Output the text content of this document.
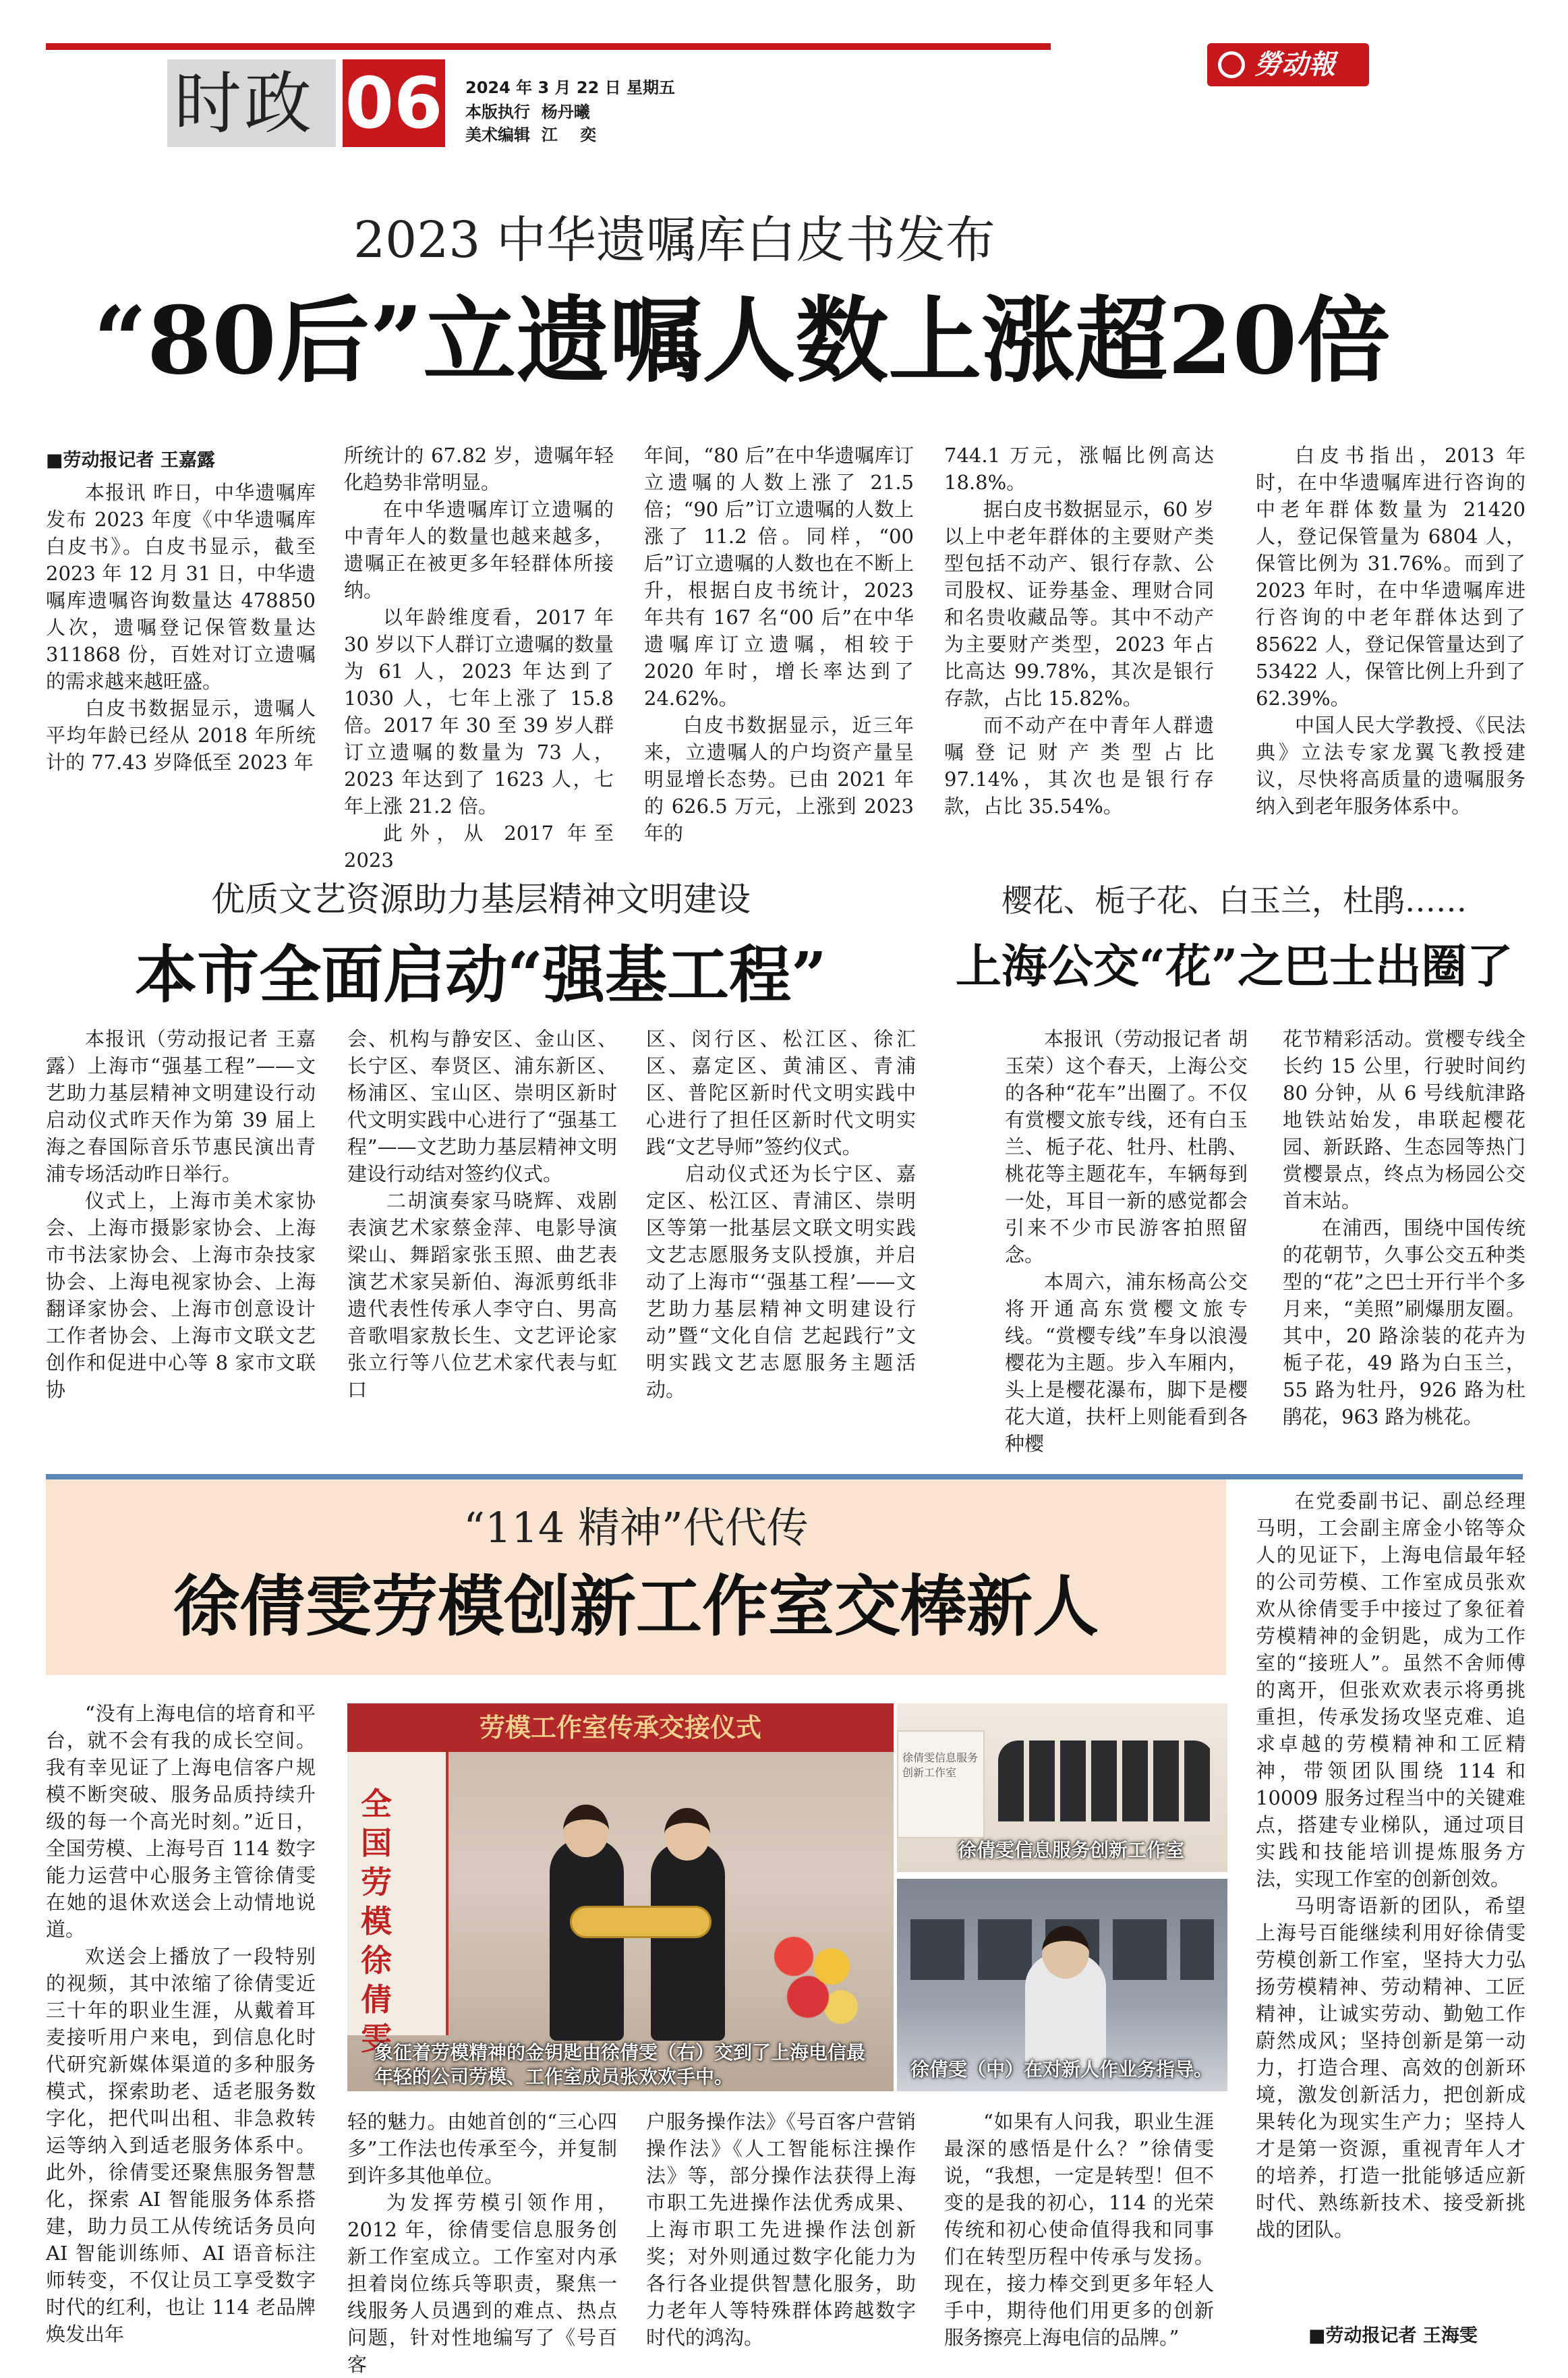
时政 06 2024 年 3 月 22 日 星期五
本版执行  杨丹曦
美术编辑  江    奕
勞动報
2023 中华遗嘱库白皮书发布
“80后”立遗嘱人数上涨超20倍
■劳动报记者 王嘉露

本报讯 昨日，中华遗嘱库发布 2023 年度《中华遗嘱库白皮书》。白皮书显示，截至 2023 年 12 月 31 日，中华遗嘱库遗嘱咨询数量达 478850 人次，遗嘱登记保管数量达 311868 份，百姓对订立遗嘱的需求越来越旺盛。

白皮书数据显示，遗嘱人平均年龄已经从 2018 年所统计的 77.43 岁降低至 2023 年

所统计的 67.82 岁，遗嘱年轻化趋势非常明显。

在中华遗嘱库订立遗嘱的中青年人的数量也越来越多，遗嘱正在被更多年轻群体所接纳。

以年龄维度看，2017 年 30 岁以下人群订立遗嘱的数量为 61 人，2023 年达到了 1030 人，七年上涨了 15.8 倍。2017 年 30 至 39 岁人群订立遗嘱的数量为 73 人，2023 年达到了 1623 人，七年上涨 21.2 倍。

此外，从 2017 年至 2023

年间，“80 后”在中华遗嘱库订立遗嘱的人数上涨了 21.5 倍；“90 后”订立遗嘱的人数上涨了 11.2 倍。同样，“00 后”订立遗嘱的人数也在不断上升，根据白皮书统计，2023 年共有 167 名“00 后”在中华遗嘱库订立遗嘱，相较于 2020 年时，增长率达到了 24.62%。

白皮书数据显示，近三年来，立遗嘱人的户均资产量呈明显增长态势。已由 2021 年的 626.5 万元，上涨到 2023 年的

744.1 万元，涨幅比例高达 18.8%。

据白皮书数据显示，60 岁以上中老年群体的主要财产类型包括不动产、银行存款、公司股权、证券基金、理财合同和名贵收藏品等。其中不动产为主要财产类型，2023 年占比高达 99.78%，其次是银行存款，占比 15.82%。

而不动产在中青年人群遗嘱登记财产类型占比 97.14%，其次也是银行存款，占比 35.54%。

白皮书指出，2013 年时，在中华遗嘱库进行咨询的中老年群体数量为 21420 人，登记保管量为 6804 人，保管比例为 31.76%。而到了 2023 年时，在中华遗嘱库进行咨询的中老年群体达到了 85622 人，登记保管量达到了 53422 人，保管比例上升到了 62.39%。

中国人民大学教授、《民法典》立法专家龙翼飞教授建议，尽快将高质量的遗嘱服务纳入到老年服务体系中。

优质文艺资源助力基层精神文明建设
本市全面启动“强基工程”

本报讯（劳动报记者 王嘉露）上海市“强基工程”——文艺助力基层精神文明建设行动启动仪式昨天作为第 39 届上海之春国际音乐节惠民演出青浦专场活动昨日举行。

仪式上，上海市美术家协会、上海市摄影家协会、上海市书法家协会、上海市杂技家协会、上海电视家协会、上海翻译家协会、上海市创意设计工作者协会、上海市文联文艺创作和促进中心等 8 家市文联协

会、机构与静安区、金山区、长宁区、奉贤区、浦东新区、杨浦区、宝山区、崇明区新时代文明实践中心进行了“强基工程”——文艺助力基层精神文明建设行动结对签约仪式。

二胡演奏家马晓辉、戏剧表演艺术家蔡金萍、电影导演梁山、舞蹈家张玉照、曲艺表演艺术家吴新伯、海派剪纸非遗代表性传承人李守白、男高音歌唱家敖长生、文艺评论家张立行等八位艺术家代表与虹口

区、闵行区、松江区、徐汇区、嘉定区、黄浦区、青浦区、普陀区新时代文明实践中心进行了担任区新时代文明实践“文艺导师”签约仪式。

启动仪式还为长宁区、嘉定区、松江区、青浦区、崇明区等第一批基层文联文明实践文艺志愿服务支队授旗，并启动了上海市“‘强基工程’——文艺助力基层精神文明建设行动”暨“文化自信 艺起践行”文明实践文艺志愿服务主题活动。

樱花、栀子花、白玉兰，杜鹃……
上海公交“花”之巴士出圈了

本报讯（劳动报记者 胡玉荣）这个春天，上海公交的各种“花车”出圈了。不仅有赏樱文旅专线，还有白玉兰、栀子花、牡丹、杜鹃、桃花等主题花车，车辆每到一处，耳目一新的感觉都会引来不少市民游客拍照留念。

本周六，浦东杨高公交将开通高东赏樱文旅专线。“赏樱专线”车身以浪漫樱花为主题。步入车厢内，头上是樱花瀑布，脚下是樱花大道，扶杆上则能看到各种樱

花节精彩活动。赏樱专线全长约 15 公里，行驶时间约 80 分钟，从 6 号线航津路地铁站始发，串联起樱花园、新跃路、生态园等热门赏樱景点，终点为杨园公交首末站。

在浦西，围绕中国传统的花朝节，久事公交五种类型的“花”之巴士开行半个多月来，“美照”刷爆朋友圈。其中，20 路涂装的花卉为栀子花，49 路为白玉兰，55 路为牡丹，926 路为杜鹃花，963 路为桃花。

“114 精神”代代传
徐倩雯劳模创新工作室交棒新人

“没有上海电信的培育和平台，就不会有我的成长空间。我有幸见证了上海电信客户规模不断突破、服务品质持续升级的每一个高光时刻。”近日，全国劳模、上海号百 114 数字能力运营中心服务主管徐倩雯在她的退休欢送会上动情地说道。

欢送会上播放了一段特别的视频，其中浓缩了徐倩雯近三十年的职业生涯，从戴着耳麦接听用户来电，到信息化时代研究新媒体渠道的多种服务模式，探索助老、适老服务数字化，把代叫出租、非急救转运等纳入到适老服务体系中。此外，徐倩雯还聚焦服务智慧化，探索 AI 智能服务体系搭建，助力员工从传统话务员向 AI 智能训练师、AI 语音标注师转变，不仅让员工享受数字时代的红利，也让 114 老品牌焕发出年

劳模工作室传承交接仪式
全国劳模徐倩雯
象征着劳模精神的金钥匙由徐倩雯（右）交到了上海电信最年轻的公司劳模、工作室成员张欢欢手中。
徐倩雯信息服务创新工作室
徐倩雯信息服务创新工作室
徐倩雯（中）在对新人作业务指导。

轻的魅力。由她首创的“三心四多”工作法也传承至今，并复制到许多其他单位。

为发挥劳模引领作用，2012 年，徐倩雯信息服务创新工作室成立。工作室对内承担着岗位练兵等职责，聚焦一线服务人员遇到的难点、热点问题，针对性地编写了《号百客

户服务操作法》《号百客户营销操作法》《人工智能标注操作法》等，部分操作法获得上海市职工先进操作法优秀成果、上海市职工先进操作法创新奖；对外则通过数字化能力为各行各业提供智慧化服务，助力老年人等特殊群体跨越数字时代的鸿沟。

“如果有人问我，职业生涯最深的感悟是什么？”徐倩雯说，“我想，一定是转型！但不变的是我的初心，114 的光荣传统和初心使命值得我和同事们在转型历程中传承与发扬。现在，接力棒交到更多年轻人手中，期待他们用更多的创新服务擦亮上海电信的品牌。”

在党委副书记、副总经理马明，工会副主席金小铭等众人的见证下，上海电信最年轻的公司劳模、工作室成员张欢欢从徐倩雯手中接过了象征着劳模精神的金钥匙，成为工作室的“接班人”。虽然不舍师傅的离开，但张欢欢表示将勇挑重担，传承发扬攻坚克难、追求卓越的劳模精神和工匠精神，带领团队围绕 114 和 10009 服务过程当中的关键难点，搭建专业梯队，通过项目实践和技能培训提炼服务方法，实现工作室的创新创效。

马明寄语新的团队，希望上海号百能继续利用好徐倩雯劳模创新工作室，坚持大力弘扬劳模精神、劳动精神、工匠精神，让诚实劳动、勤勉工作蔚然成风；坚持创新是第一动力，打造合理、高效的创新环境，激发创新活力，把创新成果转化为现实生产力；坚持人才是第一资源，重视青年人才的培养，打造一批能够适应新时代、熟练新技术、接受新挑战的团队。

■劳动报记者 王海雯
